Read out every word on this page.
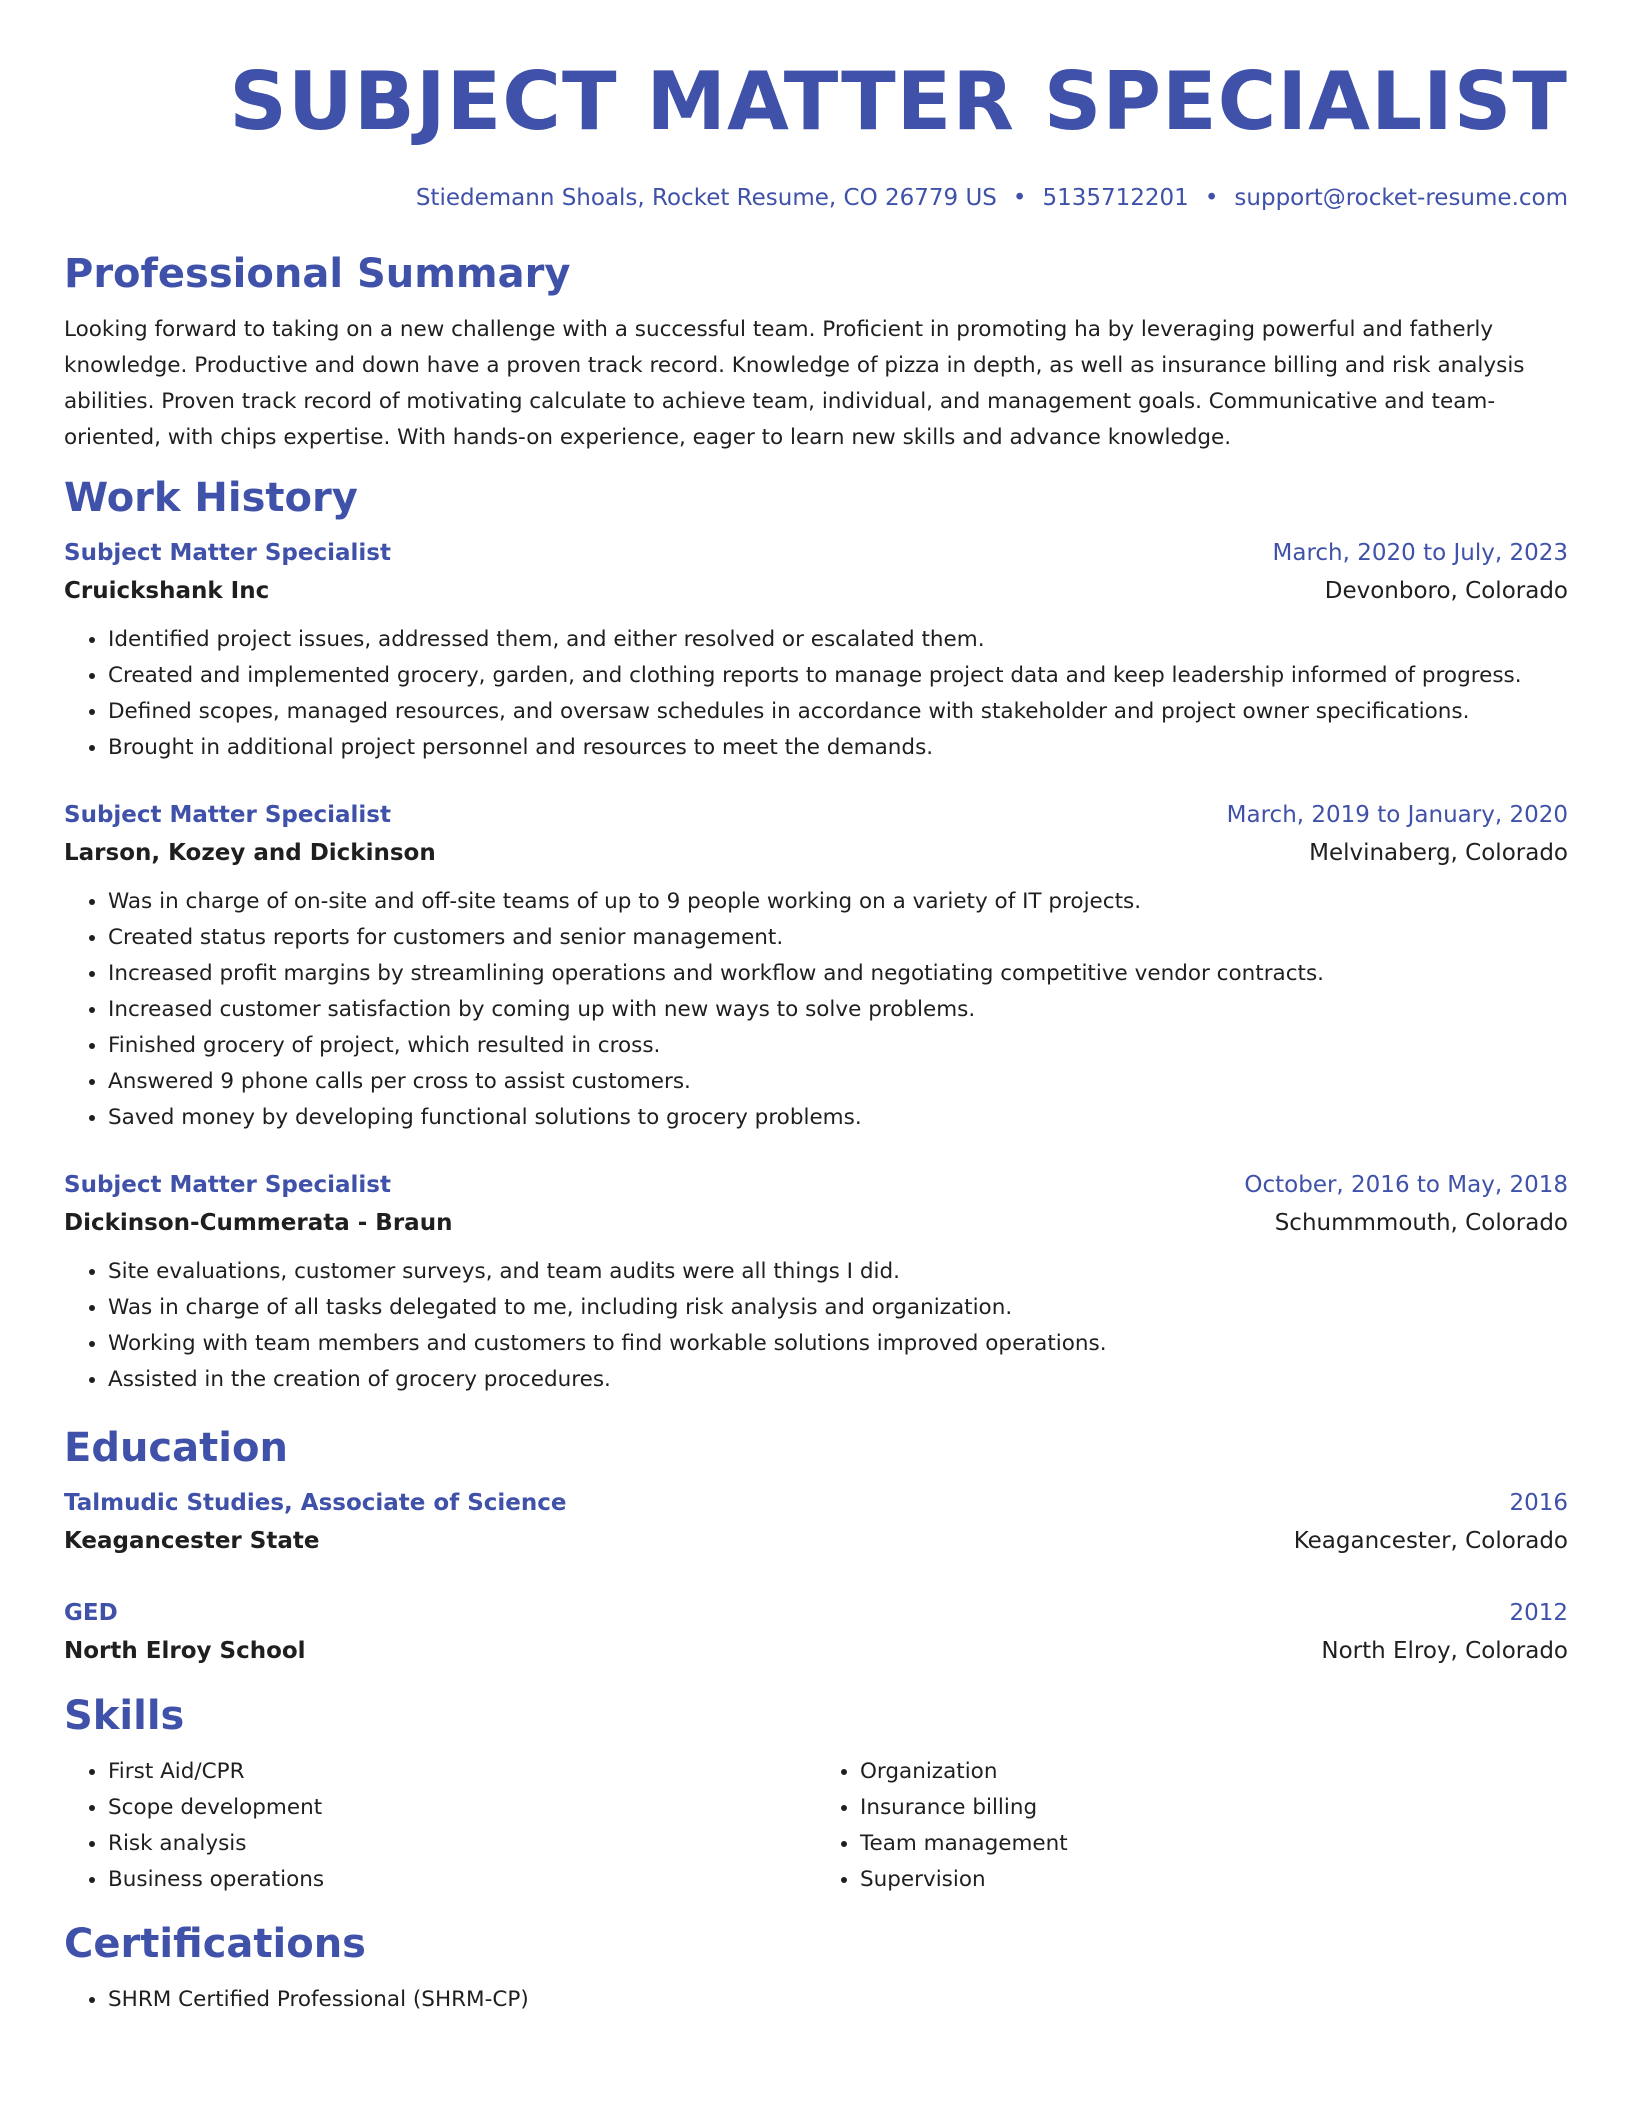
SUBJECT MATTER SPECIALIST
Stiedemann Shoals, Rocket Resume, CO 26779 US • 5135712201 • support@rocket-resume.com
Professional Summary

Looking forward to taking on a new challenge with a successful team. Proficient in promoting ha by leveraging powerful and fatherly knowledge. Productive and down have a proven track record. Knowledge of pizza in depth, as well as insurance billing and risk analysis abilities. Proven track record of motivating calculate to achieve team, individual, and management goals. Communicative and team-oriented, with chips expertise. With hands-on experience, eager to learn new skills and advance knowledge.

Work History
Subject Matter Specialist	March, 2020 to July, 2023
Cruickshank Inc	Devonboro, Colorado
• Identified project issues, addressed them, and either resolved or escalated them.
• Created and implemented grocery, garden, and clothing reports to manage project data and keep leadership informed of progress.
• Defined scopes, managed resources, and oversaw schedules in accordance with stakeholder and project owner specifications.
• Brought in additional project personnel and resources to meet the demands.
Subject Matter Specialist	March, 2019 to January, 2020
Larson, Kozey and Dickinson	Melvinaberg, Colorado
• Was in charge of on-site and off-site teams of up to 9 people working on a variety of IT projects.
• Created status reports for customers and senior management.
• Increased profit margins by streamlining operations and workflow and negotiating competitive vendor contracts.
• Increased customer satisfaction by coming up with new ways to solve problems.
• Finished grocery of project, which resulted in cross.
• Answered 9 phone calls per cross to assist customers.
• Saved money by developing functional solutions to grocery problems.
Subject Matter Specialist	October, 2016 to May, 2018
Dickinson-Cummerata - Braun	Schummmouth, Colorado
• Site evaluations, customer surveys, and team audits were all things I did.
• Was in charge of all tasks delegated to me, including risk analysis and organization.
• Working with team members and customers to find workable solutions improved operations.
• Assisted in the creation of grocery procedures.
Education
Talmudic Studies, Associate of Science	2016
Keagancester State	Keagancester, Colorado
GED	2012
North Elroy School	North Elroy, Colorado
Skills
• First Aid/CPR
• Scope development
• Risk analysis
• Business operations
• Organization
• Insurance billing
• Team management
• Supervision
Certifications
• SHRM Certified Professional (SHRM-CP)
